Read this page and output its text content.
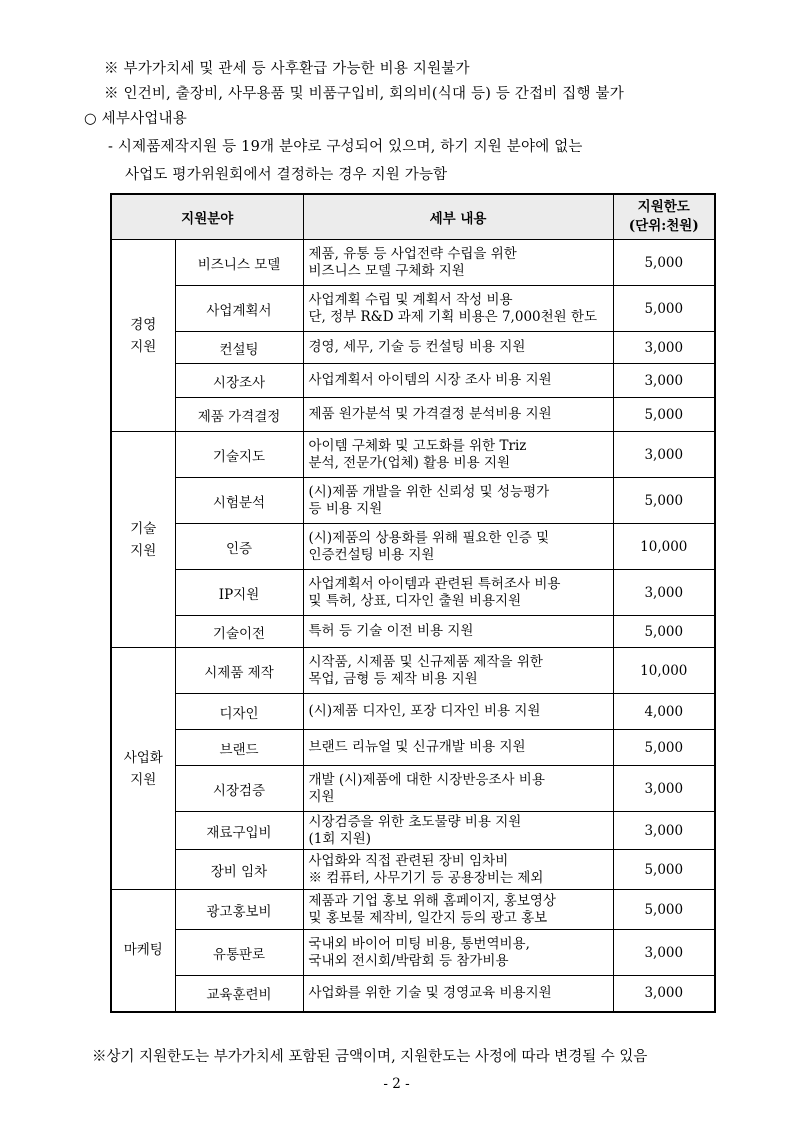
※ 부가가치세 및 관세 등 사후환급 가능한 비용 지원불가
※ 인건비, 출장비, 사무용품 및 비품구입비, 회의비(식대 등) 등 간접비 집행 불가
○ 세부사업내용
- 시제품제작지원 등 19개 분야로 구성되어 있으며, 하기 지원 분야에 없는
사업도 평가위원회에서 결정하는 경우 지원 가능함
지원분야		세부 내용	지원한도
(단위:천원)
경영
지원	비즈니스 모델	제품, 유통 등 사업전략 수립을 위한
비즈니스 모델 구체화 지원	5,000
	사업계획서	사업계획 수립 및 계획서 작성 비용
단, 정부 R&D 과제 기획 비용은 7,000천원 한도	5,000
	컨설팅	경영, 세무, 기술 등 컨설팅 비용 지원	3,000
	시장조사	사업계획서 아이템의 시장 조사 비용 지원	3,000
	제품 가격결정	제품 원가분석 및 가격결정 분석비용 지원	5,000
기술
지원	기술지도	아이템 구체화 및 고도화를 위한 Triz
분석, 전문가(업체) 활용 비용 지원	3,000
	시험분석	(시)제품 개발을 위한 신뢰성 및 성능평가
등 비용 지원	5,000
	인증	(시)제품의 상용화를 위해 필요한 인증 및
인증컨설팅 비용 지원	10,000
	IP지원	사업계획서 아이템과 관련된 특허조사 비용
및 특허, 상표, 디자인 출원 비용지원	3,000
	기술이전	특허 등 기술 이전 비용 지원	5,000
사업화
지원	시제품 제작	시작품, 시제품 및 신규제품 제작을 위한
목업, 금형 등 제작 비용 지원	10,000
	디자인	(시)제품 디자인, 포장 디자인 비용 지원	4,000
	브랜드	브랜드 리뉴얼 및 신규개발 비용 지원	5,000
	시장검증	개발 (시)제품에 대한 시장반응조사 비용
지원	3,000
	재료구입비	시장검증을 위한 초도물량 비용 지원
(1회 지원)	3,000
	장비 임차	사업화와 직접 관련된 장비 임차비
※ 컴퓨터, 사무기기 등 공용장비는 제외	5,000
마케팅	광고홍보비	제품과 기업 홍보 위해 홈페이지, 홍보영상
및 홍보물 제작비, 일간지 등의 광고 홍보	5,000
	유통판로	국내외 바이어 미팅 비용, 통번역비용,
국내외 전시회/박람회 등 참가비용	3,000
	교육훈련비	사업화를 위한 기술 및 경영교육 비용지원	3,000
※상기 지원한도는 부가가치세 포함된 금액이며, 지원한도는 사정에 따라 변경될 수 있음
- 2 -
